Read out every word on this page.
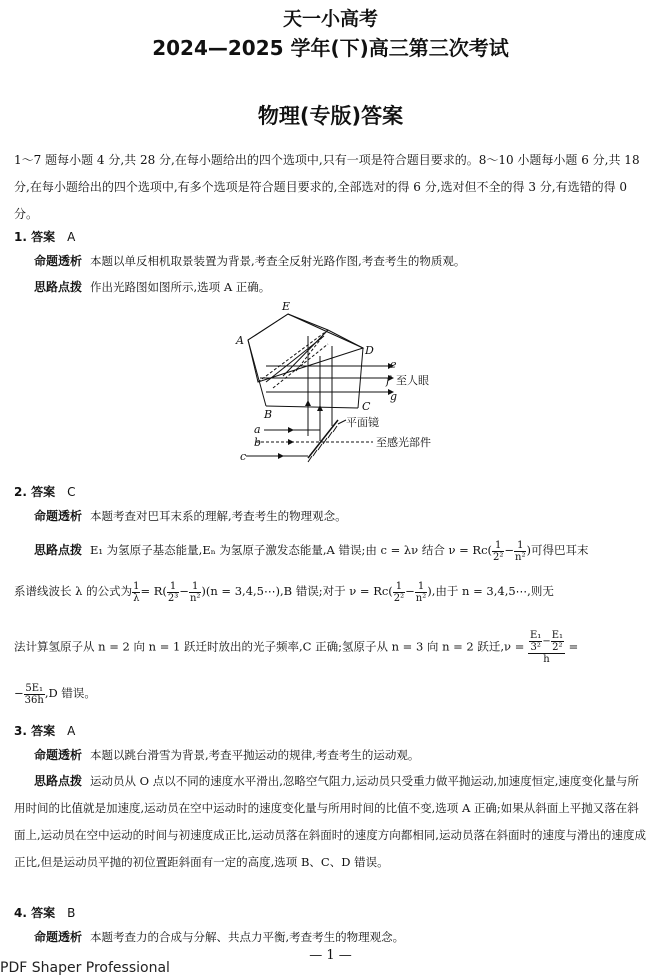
天一小高考
2024—2025 学年(下)高三第三次考试
物理(专版)答案
1～7 题每小题 4 分,共 28 分,在每小题给出的四个选项中,只有一项是符合题目要求的。8～10 小题每小题 6 分,共 18 分,在每小题给出的四个选项中,有多个选项是符合题目要求的,全部选对的得 6 分,选对但不全的得 3 分,有选错的得 0 分。
1. 答案 A
命题透析 本题以单反相机取景装置为背景,考查全反射光路作图,考查考生的物质观。
思路点拨 作出光路图如图所示,选项 A 正确。
E
A
D
B
C
e
f
g
a
b
c
至人眼
平面镜
至感光部件
2. 答案 C
命题透析 本题考查对巴耳末系的理解,考查考生的物理观念。
思路点拨 E₁ 为氢原子基态能量,Eₙ 为氢原子激发态能量,A 错误;由 c = λν 结合 $\nu = Rc( \frac{1}{\text{2²}} - \frac{1}{\text{n²}}$ )可得巴耳末
系谱线波长 λ 的公式为 $\frac{1}{\lambda} = R( \frac{1}{\text{2³}} - \frac{1}{\text{n²}} )(n$ = 3,4,5⋯),B 错误;对于 $\nu = Rc( \frac{1}{\text{2²}} - \frac{1}{\text{n²}}$ ),由于 n = 3,4,5⋯,则无
法计算氢原子从 n = 2 向 n = 1 跃迁时放出的光子频率,C 正确;氢原子从 n = 3 向 n = 2 跃迁$,\nu = \frac{\frac{\text{E₁}}{\text{3²}} - \frac{\text{E₁}}{\text{2²}}}{h}$ =
− $\frac{\text{5E₁}}{36h} ,D$ 错误。
3. 答案 A
命题透析 本题以跳台滑雪为背景,考查平抛运动的规律,考查考生的运动观。
思路点拨 运动员从 O 点以不同的速度水平滑出,忽略空气阻力,运动员只受重力做平抛运动,加速度恒定,速度变化量与所用时间的比值就是加速度,运动员在空中运动时的速度变化量与所用时间的比值不变,选项 A 正确;如果从斜面上平抛又落在斜面上,运动员在空中运动的时间与初速度成正比,运动员落在斜面时的速度方向都相同,运动员落在斜面时的速度与滑出的速度成正比,但是运动员平抛的初位置距斜面有一定的高度,选项 B、C、D 错误。
4. 答案 B
命题透析 本题考查力的合成与分解、共点力平衡,考查考生的物理观念。
— 1 —
PDF Shaper Professional
